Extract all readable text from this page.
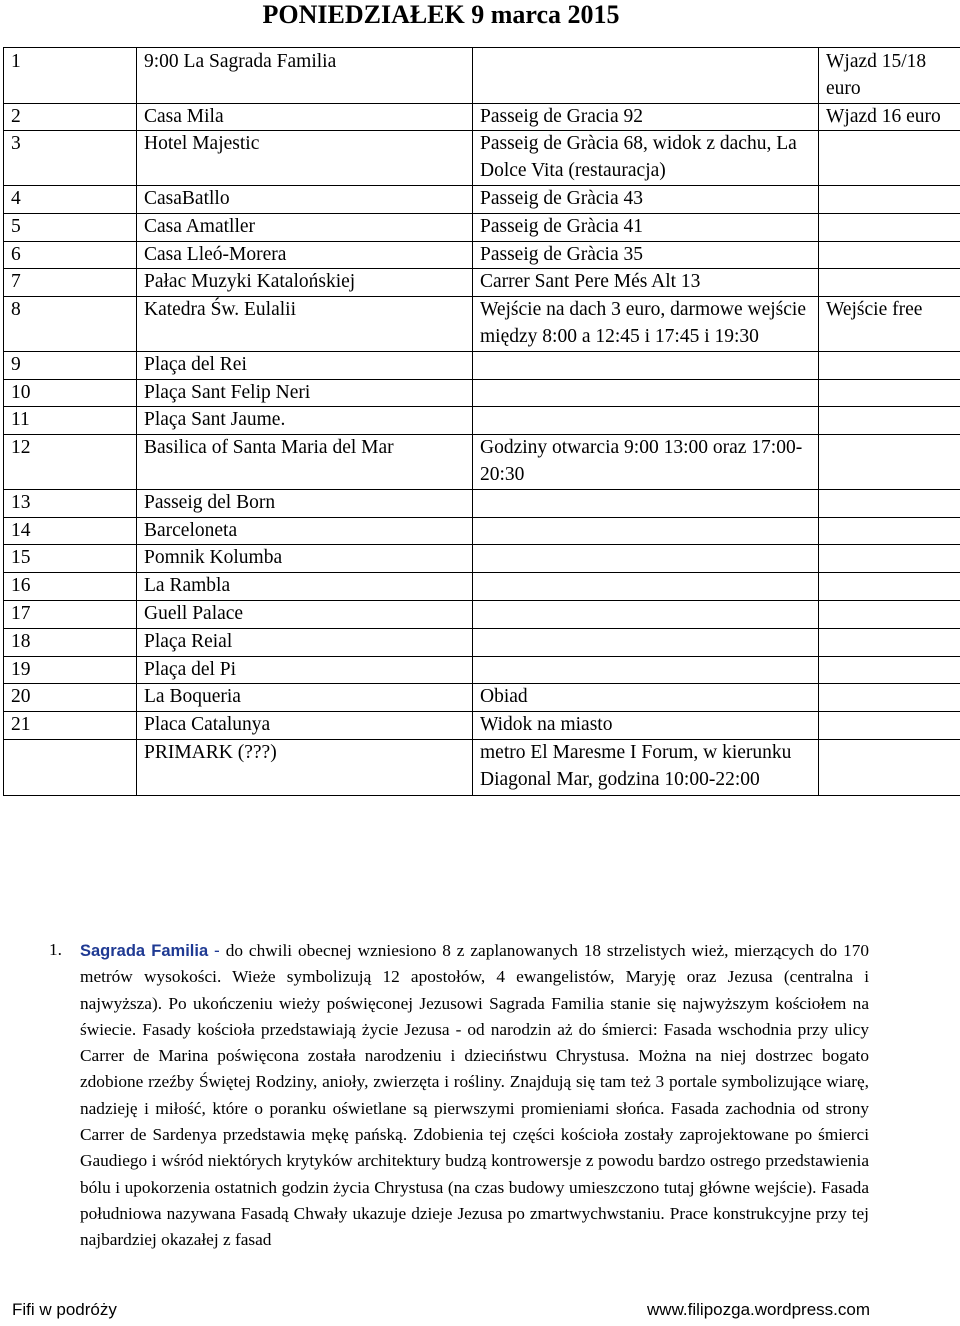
PONIEDZIAŁEK 9 marca 2015
1	9:00 La Sagrada Familia		Wjazd 15/18 euro
2	Casa Mila	Passeig de Gracia 92	Wjazd 16 euro
3	Hotel Majestic	Passeig de Gràcia 68, widok z dachu, La Dolce Vita (restauracja)	
4	CasaBatllo	Passeig de Gràcia 43	
5	Casa Amatller	Passeig de Gràcia 41	
6	Casa Lleó-Morera	Passeig de Gràcia 35	
7	Pałac Muzyki Katalońskiej	Carrer Sant Pere Més Alt 13	
8	Katedra Św. Eulalii	Wejście na dach 3 euro, darmowe wejście między 8:00 a 12:45 i 17:45 i 19:30	Wejście free
9	Plaça del Rei		
10	Plaça Sant Felip Neri		
11	Plaça Sant Jaume.		
12	Basilica of Santa Maria del Mar	Godziny otwarcia 9:00 13:00 oraz 17:00-20:30	
13	Passeig del Born		
14	Barceloneta		
15	Pomnik Kolumba		
16	La Rambla		
17	Guell Palace		
18	Plaça Reial		
19	Plaça del Pi		
20	La Boqueria	Obiad	
21	Placa Catalunya	Widok na miasto	
	PRIMARK (???)	metro El Maresme I Forum, w kierunku Diagonal Mar, godzina 10:00-22:00	
1. Sagrada Familia - do chwili obecnej wzniesiono 8 z zaplanowanych 18 strzelistych wież, mierzących do 170 metrów wysokości. Wieże symbolizują 12 apostołów, 4 ewangelistów, Maryję oraz Jezusa (centralna i najwyższa). Po ukończeniu wieży poświęconej Jezusowi Sagrada Familia stanie się najwyższym kościołem na świecie. Fasady kościoła przedstawiają życie Jezusa - od narodzin aż do śmierci: Fasada wschodnia przy ulicy Carrer de Marina poświęcona została narodzeniu i dzieciństwu Chrystusa. Można na niej dostrzec bogato zdobione rzeźby Świętej Rodziny, anioły, zwierzęta i rośliny. Znajdują się tam też 3 portale symbolizujące wiarę, nadzieję i miłość, które o poranku oświetlane są pierwszymi promieniami słońca. Fasada zachodnia od strony Carrer de Sardenya przedstawia mękę pańską. Zdobienia tej części kościoła zostały zaprojektowane po śmierci Gaudiego i wśród niektórych krytyków architektury budzą kontrowersje z powodu bardzo ostrego przedstawienia bólu i upokorzenia ostatnich godzin życia Chrystusa (na czas budowy umieszczono tutaj główne wejście). Fasada południowa nazywana Fasadą Chwały ukazuje dzieje Jezusa po zmartwychwstaniu. Prace konstrukcyjne przy tej najbardziej okazałej z fasad
Fifi w podróży	www.filipozga.wordpress.com
